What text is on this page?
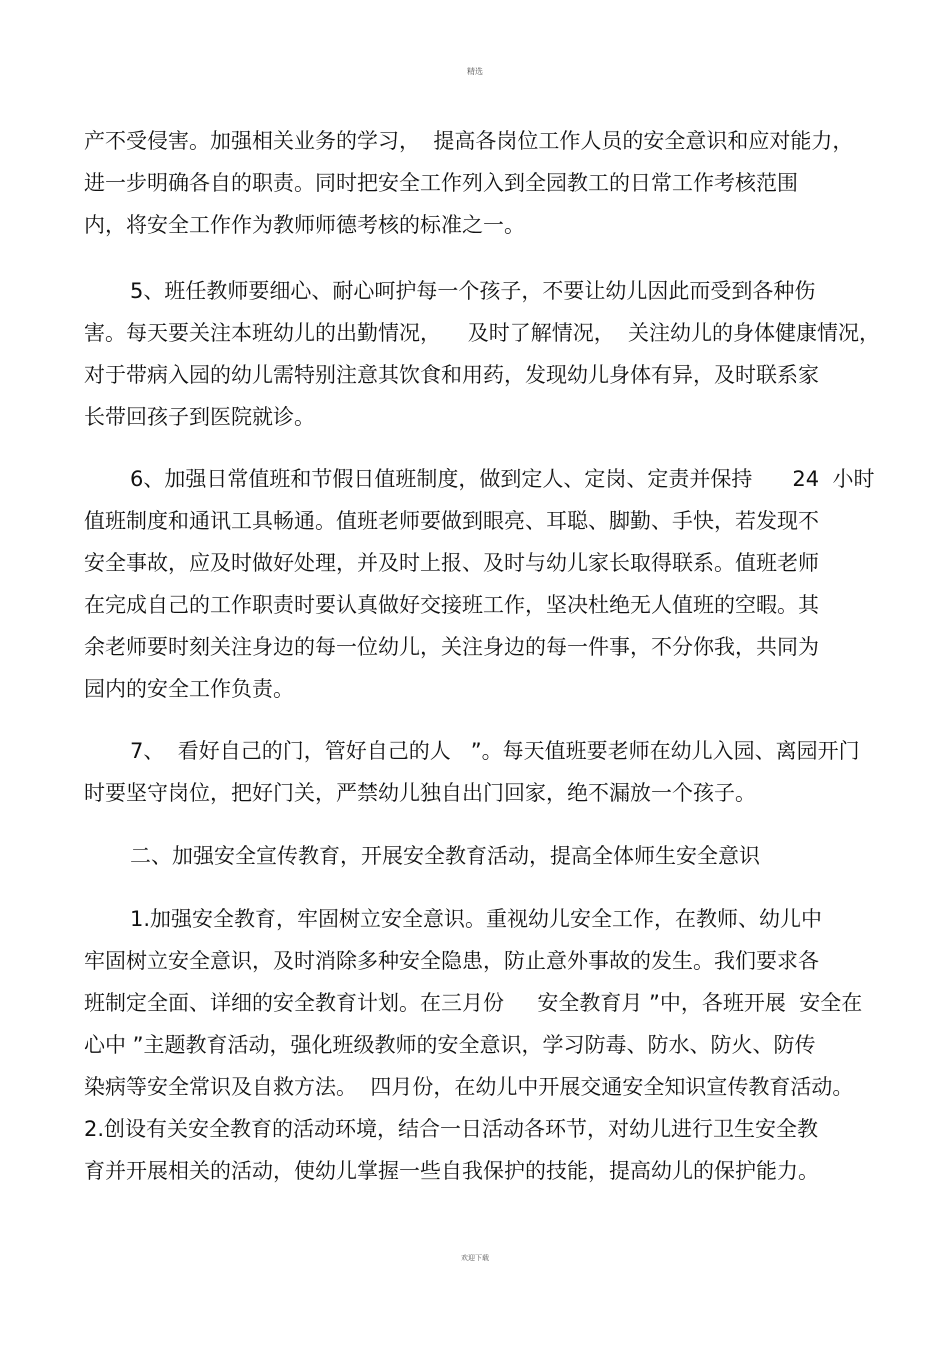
精选
产不受侵害。加强相关业务的学习，  提高各岗位工作人员的安全意识和应对能力，
进一步明确各自的职责。同时把安全工作列入到全园教工的日常工作考核范围
内，将安全工作作为教师师德考核的标准之一。
5、班任教师要细心、耐心呵护每一个孩子，不要让幼儿因此而受到各种伤
害。每天要关注本班幼儿的出勤情况，    及时了解情况，  关注幼儿的身体健康情况，
对于带病入园的幼儿需特别注意其饮食和用药，发现幼儿身体有异，及时联系家
长带回孩子到医院就诊。
6、加强日常值班和节假日值班制度，做到定人、定岗、定责并保持      24  小时
值班制度和通讯工具畅通。值班老师要做到眼亮、耳聪、脚勤、手快，若发现不
安全事故，应及时做好处理，并及时上报、及时与幼儿家长取得联系。值班老师
在完成自己的工作职责时要认真做好交接班工作，坚决杜绝无人值班的空暇。其
余老师要时刻关注身边的每一位幼儿，关注身边的每一件事，不分你我，共同为
园内的安全工作负责。
7、  看好自己的门，管好自己的人   ”。每天值班要老师在幼儿入园、离园开门
时要坚守岗位，把好门关，严禁幼儿独自出门回家，绝不漏放一个孩子。
二、加强安全宣传教育，开展安全教育活动，提高全体师生安全意识
1.加强安全教育，牢固树立安全意识。重视幼儿安全工作，在教师、幼儿中
牢固树立安全意识，及时消除多种安全隐患，防止意外事故的发生。我们要求各
班制定全面、详细的安全教育计划。在三月份     安全教育月 ”中，各班开展  安全在
心中 ”主题教育活动，强化班级教师的安全意识，学习防毒、防水、防火、防传
染病等安全常识及自救方法。  四月份，在幼儿中开展交通安全知识宣传教育活动。
2.创设有关安全教育的活动环境，结合一日活动各环节，对幼儿进行卫生安全教
育并开展相关的活动，使幼儿掌握一些自我保护的技能，提高幼儿的保护能力。
欢迎下载
